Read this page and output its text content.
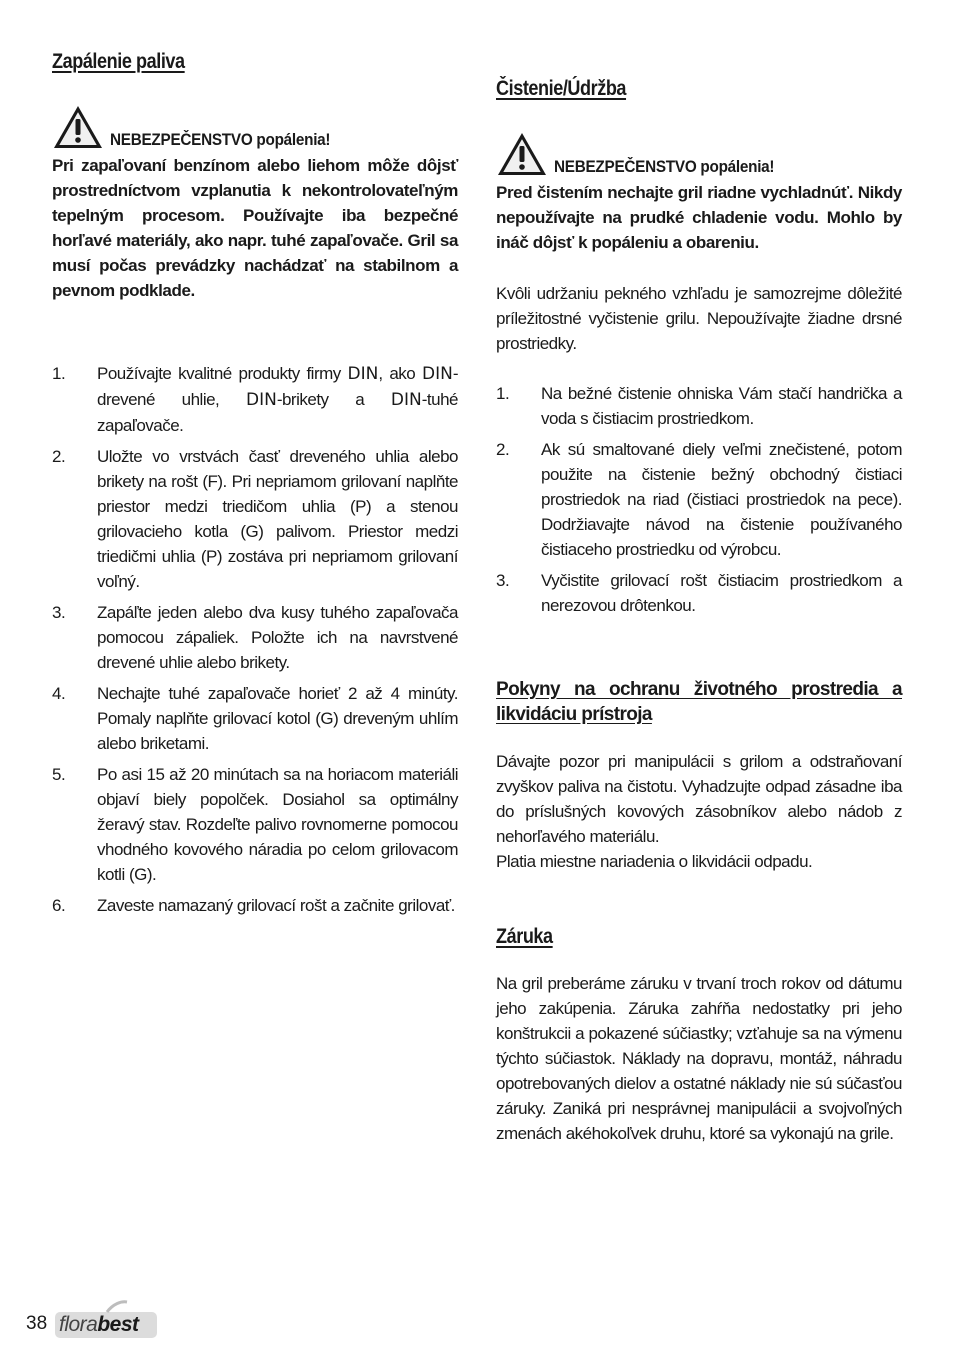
Zapálenie paliva
NEBEZPEČENSTVO popálenia!

Pri zapaľovaní benzínom alebo liehom môže dôjsť prostredníctvom vzplanutia k nekontrolovateľným tepelným procesom. Používajte iba bezpečné horľavé materiály, ako napr. tuhé zapaľovače. Gril sa musí počas prevádzky nachádzať na stabilnom a pevnom podklade.

1. Používajte kvalitné produkty firmy DIN, ako DIN-drevené uhlie, DIN-brikety a DIN-tuhé zapaľovače.
2. Uložte vo vrstvách časť dreveného uhlia alebo brikety na rošt (F). Pri nepriamom grilovaní naplňte priestor medzi triedičom uhlia (P) a stenou grilovacieho kotla (G) palivom. Priestor medzi triedičmi uhlia (P) zostáva pri nepriamom grilovaní voľný.
3. Zapáľte jeden alebo dva kusy tuhého zapaľovača pomocou zápaliek. Položte ich na navrstvené drevené uhlie alebo brikety.
4. Nechajte tuhé zapaľovače horieť 2 až 4 minúty. Pomaly naplňte grilovací kotol (G) dreveným uhlím alebo briketami.
5. Po asi 15 až 20 minútach sa na horiacom materiáli objaví biely popolček. Dosiahol sa optimálny žeravý stav. Rozdeľte palivo rovnomerne pomocou vhodného kovového náradia po celom grilovacom kotli (G).
6. Zaveste namazaný grilovací rošt a začnite grilovať.
Čistenie/Údržba
NEBEZPEČENSTVO popálenia!

Pred čistením nechajte gril riadne vychladnúť. Nikdy nepoužívajte na prudké chladenie vodu. Mohlo by ináč dôjsť k popáleniu a obareniu.

Kvôli udržaniu pekného vzhľadu je samozrejme dôležité príležitostné vyčistenie grilu. Nepoužívajte žiadne drsné prostriedky.

1. Na bežné čistenie ohniska Vám stačí handrička a voda s čistiacim prostriedkom.
2. Ak sú smaltované diely veľmi znečistené, potom použite na čistenie bežný obchodný čistiaci prostriedok na riad (čistiaci prostriedok na pece). Dodržiavajte návod na čistenie používaného čistiaceho prostriedku od výrobcu.
3. Vyčistite grilovací rošt čistiacim prostriedkom a nerezovou drôtenkou.
Pokyny na ochranu životného prostredia a likvidáciu prístroja

Dávajte pozor pri manipulácii s grilom a odstraňovaní zvyškov paliva na čistotu. Vyhadzujte odpad zásadne iba do príslušných kovových zásobníkov alebo nádob z nehorľavého materiálu.

Platia miestne nariadenia o likvidácii odpadu.

Záruka

Na gril preberáme záruku v trvaní troch rokov od dátumu jeho zakúpenia. Záruka zahŕňa nedostatky pri jeho konštrukcii a pokazené súčiastky; vzťahuje sa na výmenu týchto súčiastok. Náklady na dopravu, montáž, náhradu opotrebovaných dielov a ostatné náklady nie sú súčasťou záruky. Zaniká pri nesprávnej manipulácii a svojvoľných zmenách akéhokoľvek druhu, ktoré sa vykonajú na grile.

38 florabest
